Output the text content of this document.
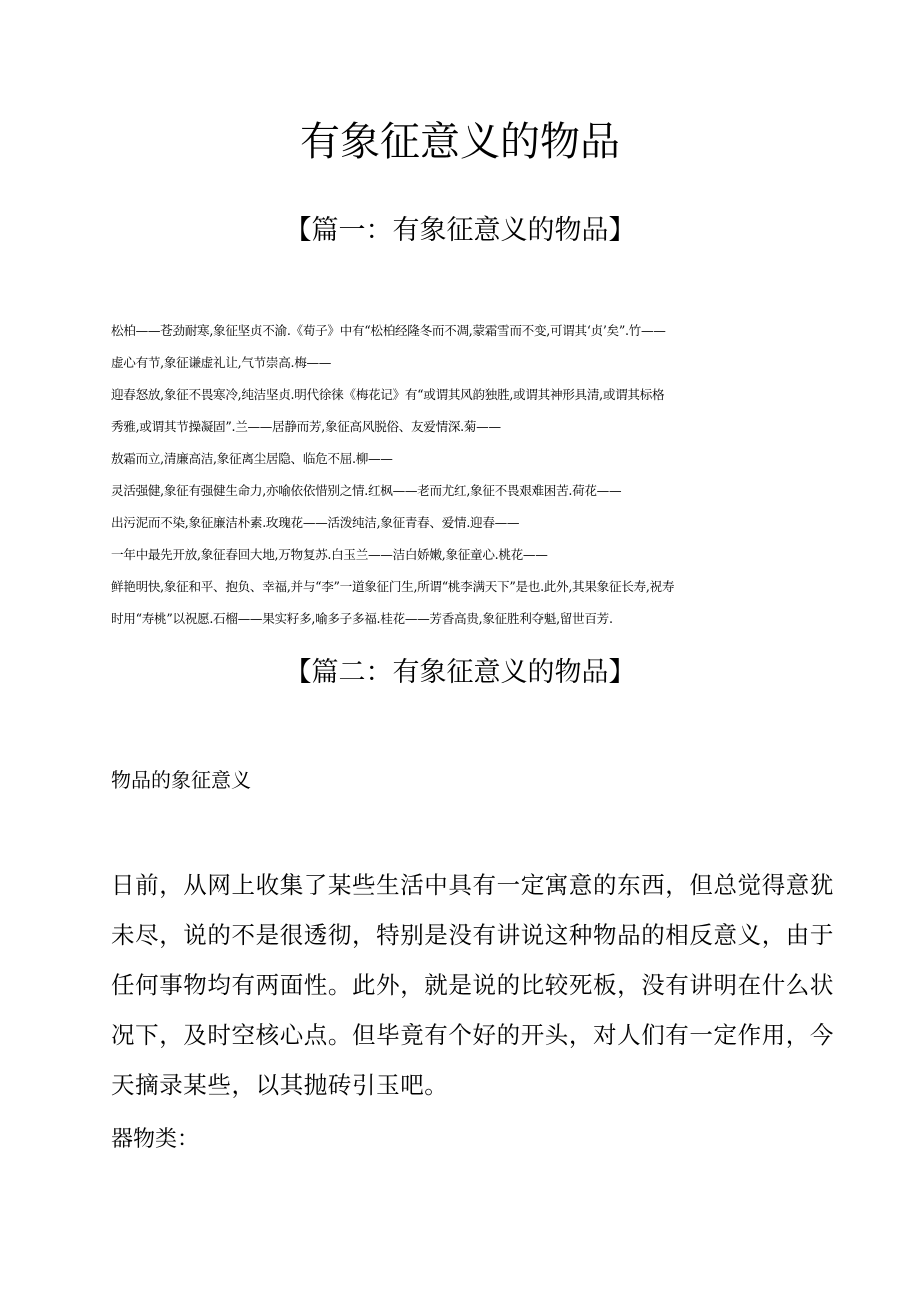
有象征意义的物品
【篇一：有象征意义的物品】
松柏——苍劲耐寒,象征坚贞不渝.《荀子》中有“松柏经隆冬而不凋,蒙霜雪而不变,可谓其‘贞’矣”.竹——
虚心有节,象征谦虚礼让,气节崇高.梅——
迎春怒放,象征不畏寒冷,纯洁坚贞.明代徐徕《梅花记》有“或谓其风韵独胜,或谓其神形具清,或谓其标格
秀雅,或谓其节操凝固”.兰——居静而芳,象征高风脱俗、友爱情深.菊——
敖霜而立,清廉高洁,象征离尘居隐、临危不屈.柳——
灵活强健,象征有强健生命力,亦喻依依惜别之情.红枫——老而尤红,象征不畏艰难困苦.荷花——
出污泥而不染,象征廉洁朴素.玫瑰花——活泼纯洁,象征青春、爱情.迎春——
一年中最先开放,象征春回大地,万物复苏.白玉兰——洁白娇嫩,象征童心.桃花——
鲜艳明快,象征和平、抱负、幸福,并与“李”一道象征门生,所谓“桃李满天下”是也.此外,其果象征长寿,祝寿
时用“寿桃”以祝愿.石榴——果实籽多,喻多子多福.桂花——芳香高贵,象征胜利夺魁,留世百芳.
【篇二：有象征意义的物品】
物品的象征意义
日前，从网上收集了某些生活中具有一定寓意的东西，但总觉得意犹
未尽，说的不是很透彻，特别是没有讲说这种物品的相反意义，由于
任何事物均有两面性。此外，就是说的比较死板，没有讲明在什么状
况下，及时空核心点。但毕竟有个好的开头，对人们有一定作用，今
天摘录某些，以其抛砖引玉吧。
器物类：
